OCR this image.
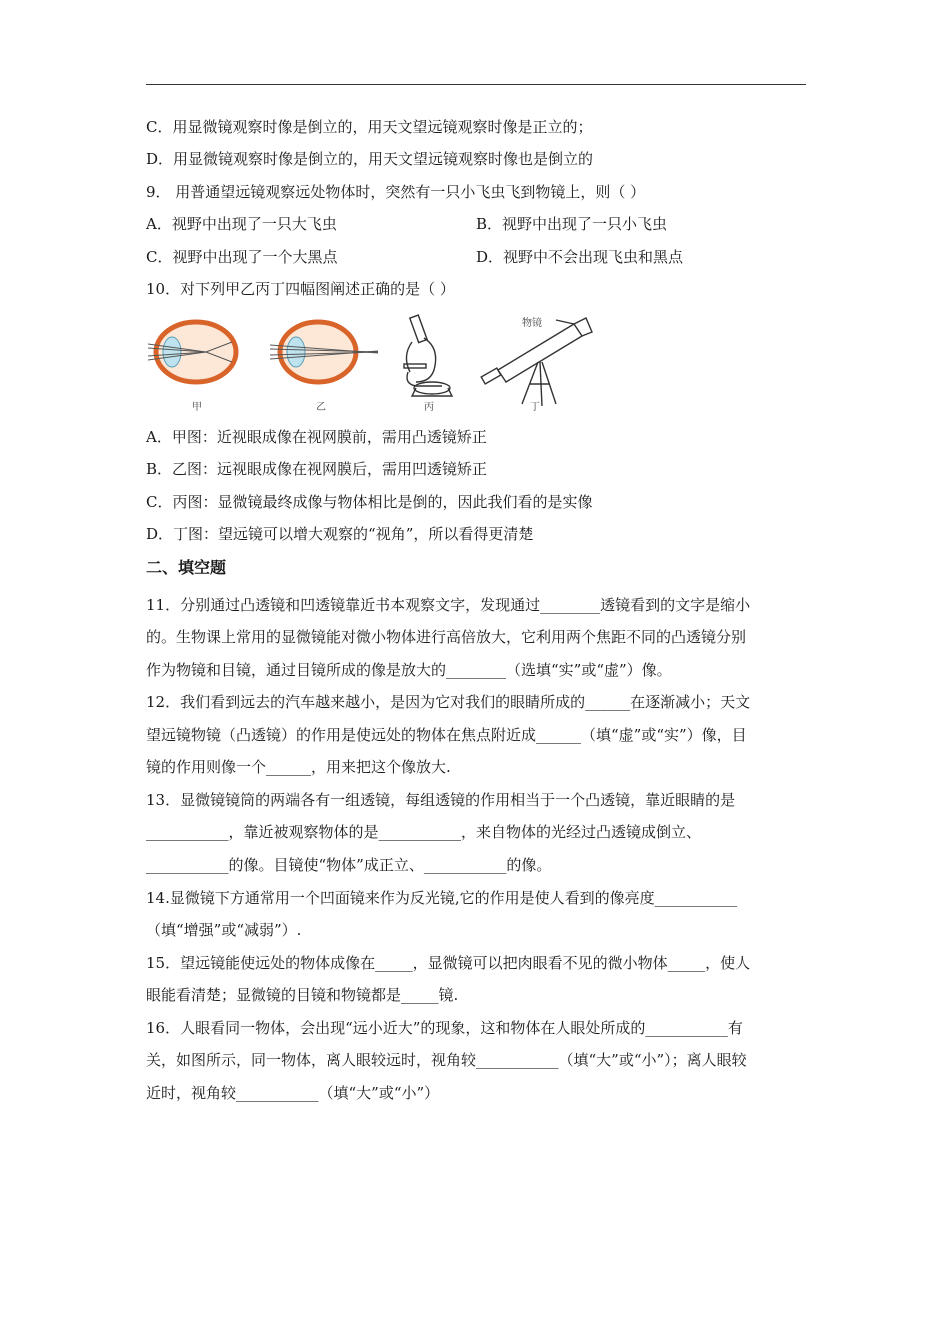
C．用显微镜观察时像是倒立的，用天文望远镜观察时像是正立的；
D．用显微镜观察时像是倒立的，用天文望远镜观察时像也是倒立的
9． 用普通望远镜观察远处物体时，突然有一只小飞虫飞到物镜上，则（ ）
A．视野中出现了一只大飞虫	B．视野中出现了一只小飞虫
C．视野中出现了一个大黑点	D．视野中不会出现飞虫和黑点
10．对下列甲乙丙丁四幅图阐述正确的是（ ）
甲	乙	丙
物镜
丁
A．甲图：近视眼成像在视网膜前，需用凸透镜矫正
B．乙图：远视眼成像在视网膜后，需用凹透镜矫正
C．丙图：显微镜最终成像与物体相比是倒的，因此我们看的是实像
D．丁图：望远镜可以增大观察的“视角”，所以看得更清楚
二、填空题
11．分别通过凸透镜和凹透镜靠近书本观察文字，发现通过________透镜看到的文字是缩小
的。生物课上常用的显微镜能对微小物体进行高倍放大，它利用两个焦距不同的凸透镜分别
作为物镜和目镜，通过目镜所成的像是放大的________（选填“实”或“虚”）像。
12．我们看到远去的汽车越来越小，是因为它对我们的眼睛所成的______在逐渐减小；天文
望远镜物镜（凸透镜）的作用是使远处的物体在焦点附近成______（填“虚”或“实”）像，目
镜的作用则像一个______，用来把这个像放大.
13．显微镜镜筒的两端各有一组透镜，每组透镜的作用相当于一个凸透镜，靠近眼睛的是
___________，靠近被观察物体的是___________，来自物体的光经过凸透镜成倒立、
___________的像。目镜使“物体”成正立、___________的像。
14.显微镜下方通常用一个凹面镜来作为反光镜,它的作用是使人看到的像亮度___________
（填“增强”或“减弱”）.
15．望远镜能使远处的物体成像在_____，显微镜可以把肉眼看不见的微小物体_____，使人
眼能看清楚；显微镜的目镜和物镜都是_____镜.
16．人眼看同一物体，会出现“远小近大”的现象，这和物体在人眼处所成的___________有
关，如图所示，同一物体，离人眼较远时，视角较___________（填“大”或“小”）；离人眼较
近时，视角较___________（填“大”或“小”）
